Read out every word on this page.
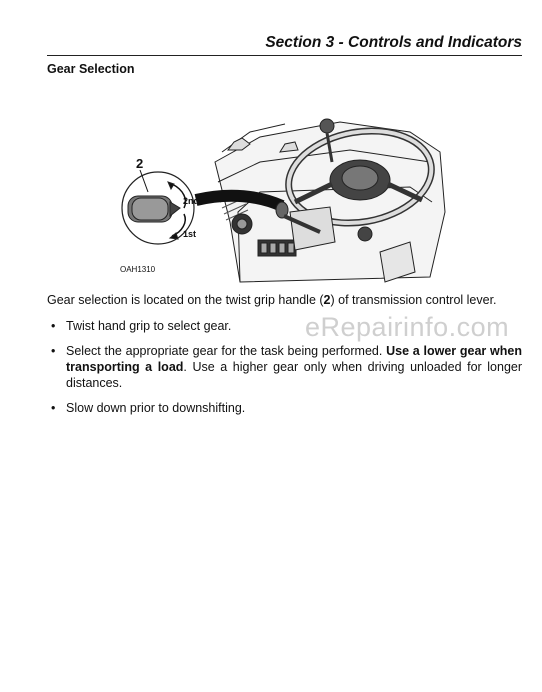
Section 3 - Controls and Indicators
Gear Selection
2
2nd
1st
OAH1310

Gear selection is located on the twist grip handle (2) of transmission control lever.

• Twist hand grip to select gear.
• Select the appropriate gear for the task being performed. Use a lower gear when transporting a load. Use a higher gear only when driving unloaded for longer distances.
• Slow down prior to downshifting.
eRepairinfo.com
